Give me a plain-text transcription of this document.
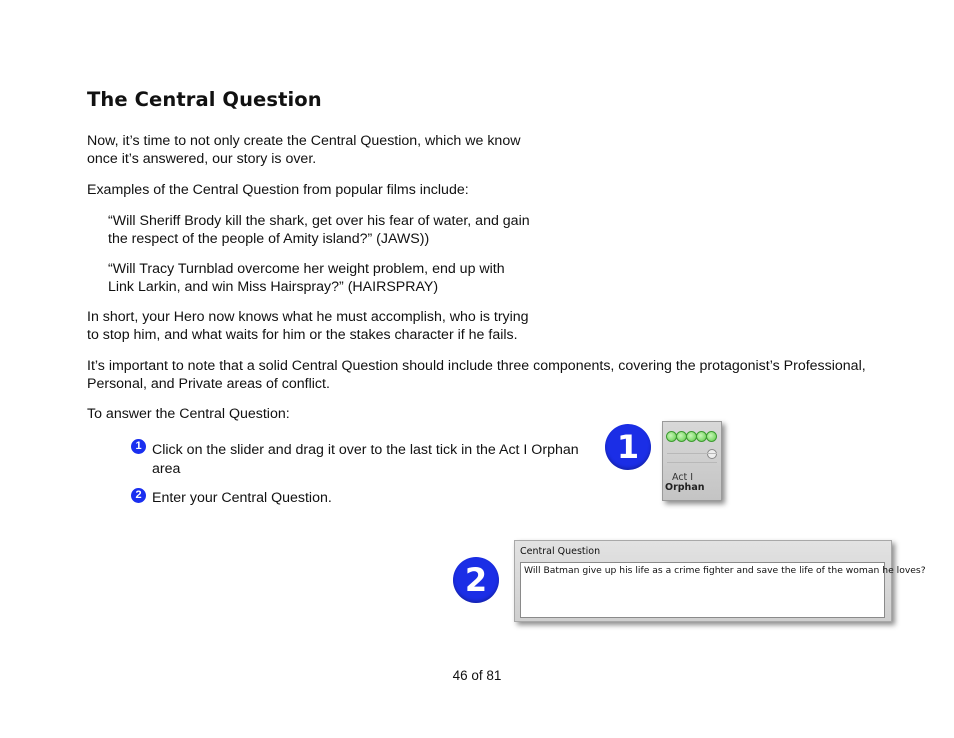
The Central Question

Now, it’s time to not only create the Central Question, which we know

once it’s answered, our story is over.

Examples of the Central Question from popular films include:

“Will Sheriff Brody kill the shark, get over his fear of water, and gain

the respect of the people of Amity island?” (JAWS))

“Will Tracy Turnblad overcome her weight problem, end up with

Link Larkin, and win Miss Hairspray?” (HAIRSPRAY)

In short, your Hero now knows what he must accomplish, who is trying

to stop him, and what waits for him or the stakes character if he fails.

It’s important to note that a solid Central Question should include three components, covering the protagonist’s Professional,

Personal, and Private areas of conflict.

To answer the Central Question:

1 Click on the slider and drag it over to the last tick in the Act I Orphan

area

2 Enter your Central Question.

1
Act I
Orphan
2
Central Question
Will Batman give up his life as a crime fighter and save the life of the woman he loves?
46 of 81
